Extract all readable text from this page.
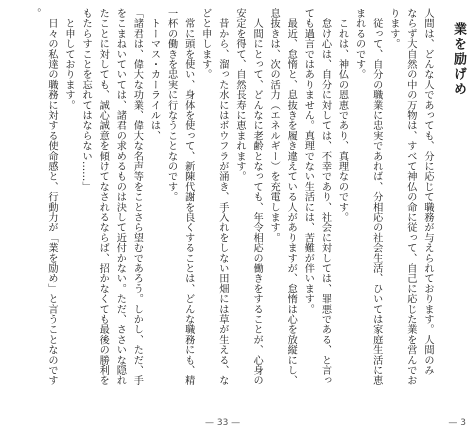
業を励げめ
人間は、どんな人であっても、分に応じて職務が与えられております。人間のみ
ならず大自然の中の万物は、すべて神仏の命に従って、自己に応じた業を営んでお
ります。
　従って、自分の職業に忠実であれば、分相応の社会生活、ひいては家庭生活に恵
まれるのです。
　これは、神仏の恩恵であり、真理なのです。
　怠け心は、自分に対しては、不幸であり、社会に対しては、罪悪である、と言っ
ても過言ではありません。真理でない生活には、苦難が伴います。
　最近、怠惰と、息抜きを履き違えている人がありますが、怠惰は心を放縦にし、
息抜きは、次の活力（エネルギー）を充電します。
　人間にとって、どんなに老齢となっても、年令相応の働きをすることが、心身の
安定を得て、自然長寿に恵まれます。
　昔から、溜った水にはボウフラが涌き、手入れをしない田畑には草が生える、な
どと申します。
　常に頭を使い、身体を使って、新陳代謝を良くすることは、どんな職務にも、精
一杯の働きを忠実に行なうことなのです。
　トーマス・カーライルは、
「諸君は、偉大な功業、偉大な名声等をことさら望むであろう。しかし、ただ、手
をこまねいていては、諸君の求めるものは決して近付かない。ただ、ささいな隠れ
たことに対しても、誠心誠意を傾けてなされるならば、招かなくても最後の勝利を
もたらすことを忘れてはならない……」
　と申しております。
　日々の私達の職務に対する使命感と、行動力が「業を励め」と言うことなのです
。
— 33 —	— 3
